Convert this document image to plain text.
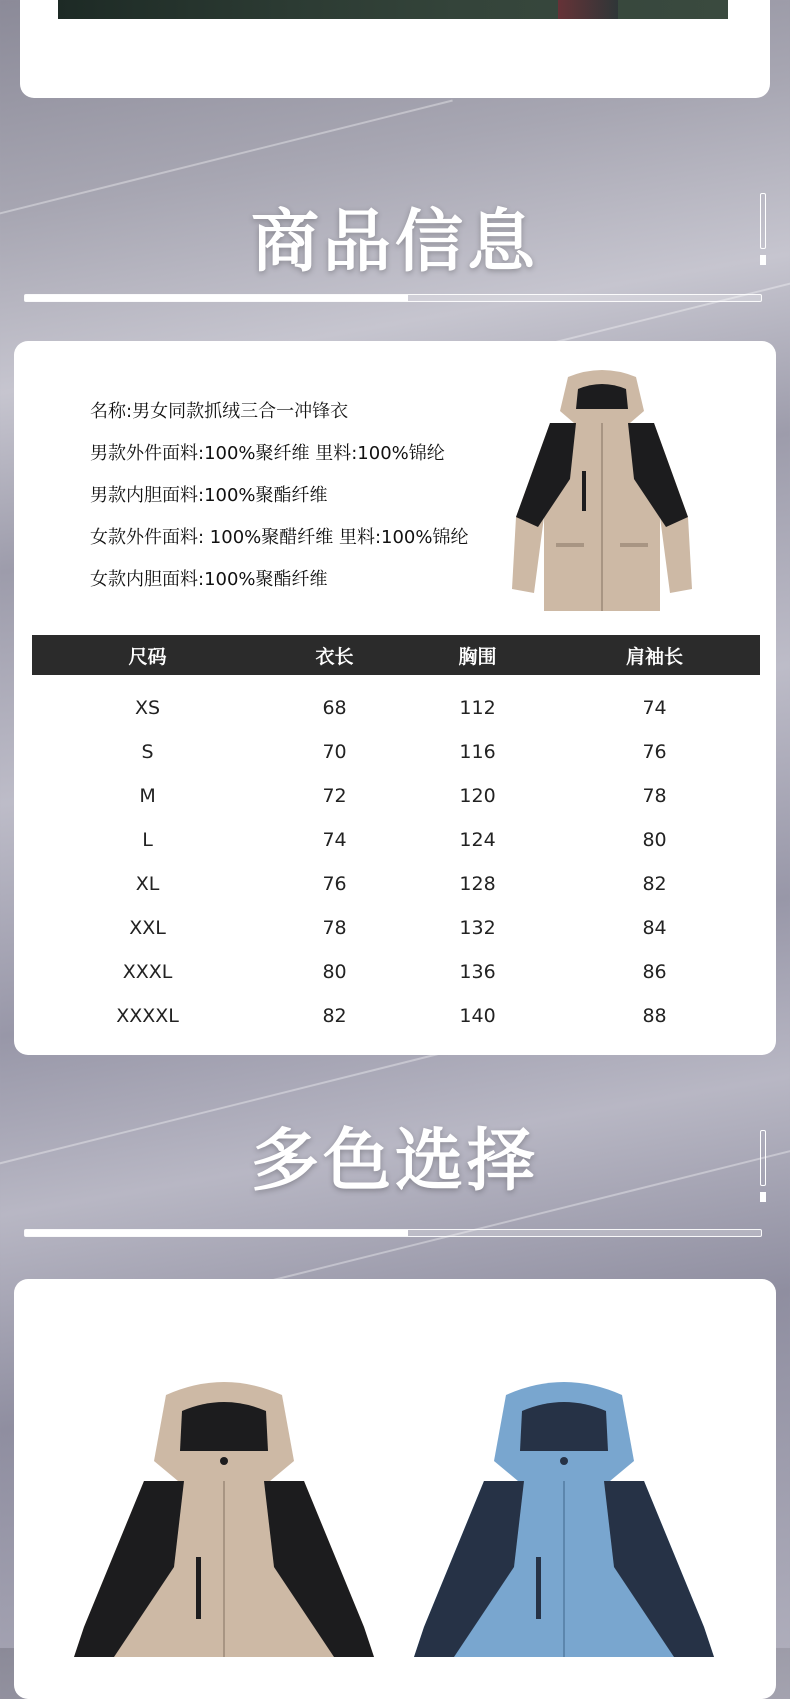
商品信息
名称:男女同款抓绒三合一冲锋衣
男款外件面料:100%聚纤维 里料:100%锦纶
男款内胆面料:100%聚酯纤维
女款外件面料: 100%聚醋纤维 里料:100%锦纶
女款内胆面料:100%聚酯纤维
尺码	衣长	胸围	肩袖长
XS	68	112	74
S	70	116	76
M	72	120	78
L	74	124	80
XL	76	128	82
XXL	78	132	84
XXXL	80	136	86
XXXXL	82	140	88
多色选择
